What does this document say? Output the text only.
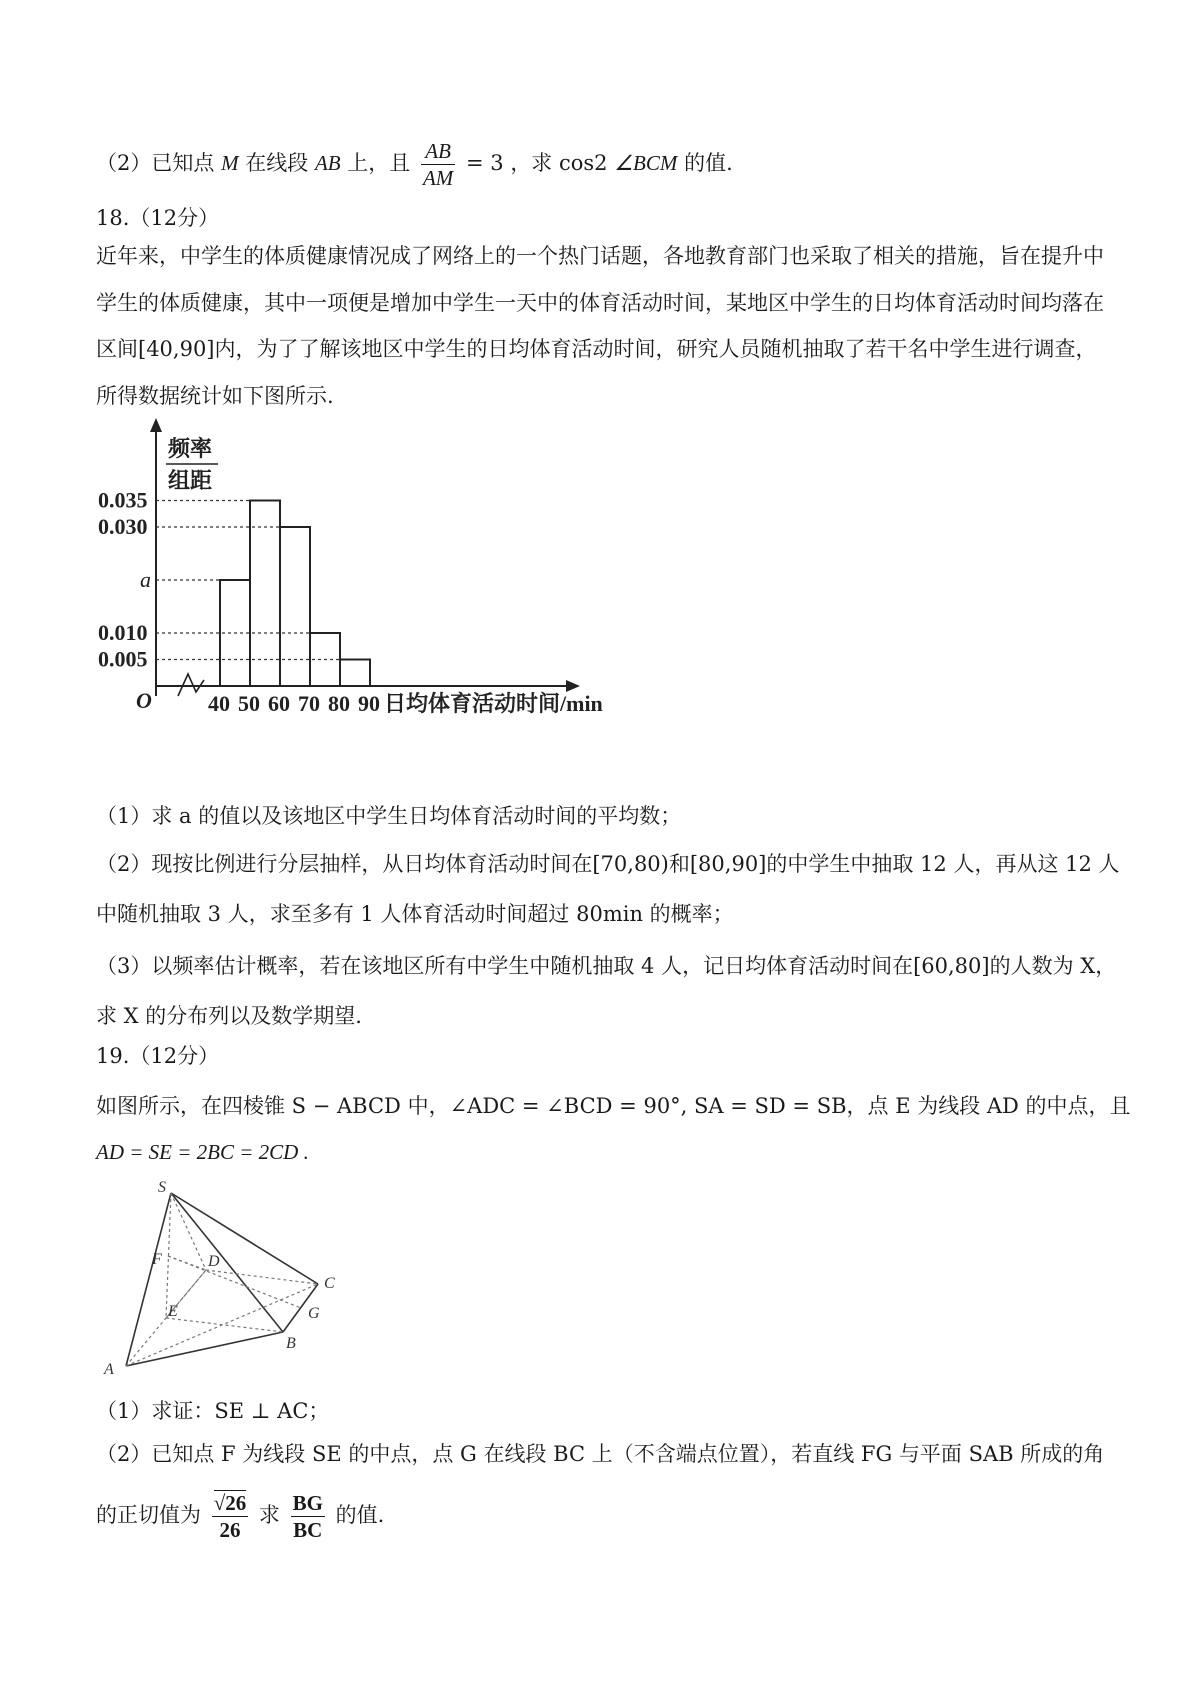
（2）已知点 M 在线段 AB 上，且 $\frac{AB}{AM} = 3$ ，求 cos2 ∠BCM 的值.
18.（12分）
近年来，中学生的体质健康情况成了网络上的一个热门话题，各地教育部门也采取了相关的措施，旨在提升中
学生的体质健康，其中一项便是增加中学生一天中的体育活动时间，某地区中学生的日均体育活动时间均落在
区间[40,90]内，为了了解该地区中学生的日均体育活动时间，研究人员随机抽取了若干名中学生进行调查，
所得数据统计如下图所示.
频率
组距
O
0.035
0.030
a
0.010
0.005
40 50 60 70 80 90 日均体育活动时间/min
（1）求 a 的值以及该地区中学生日均体育活动时间的平均数；
（2）现按比例进行分层抽样，从日均体育活动时间在[70,80)和[80,90]的中学生中抽取 12 人，再从这 12 人
中随机抽取 3 人，求至多有 1 人体育活动时间超过 80min 的概率；
（3）以频率估计概率，若在该地区所有中学生中随机抽取 4 人，记日均体育活动时间在[60,80]的人数为 X，
求 X 的分布列以及数学期望.
19.（12分）
如图所示，在四棱锥 S − ABCD 中，∠ADC = ∠BCD = 90°, SA = SD = SB，点 E 为线段 AD 的中点，且
AD = SE = 2BC = 2CD .
S
F	D
C
E	G
B
A
（1）求证：SE ⊥ AC；
（2）已知点 F 为线段 SE 的中点，点 G 在线段 BC 上（不含端点位置），若直线 FG 与平面 SAB 所成的角
的正切值为 $\frac{√26}{26}$ 求 $\frac{BG}{BC}$ 的值.
